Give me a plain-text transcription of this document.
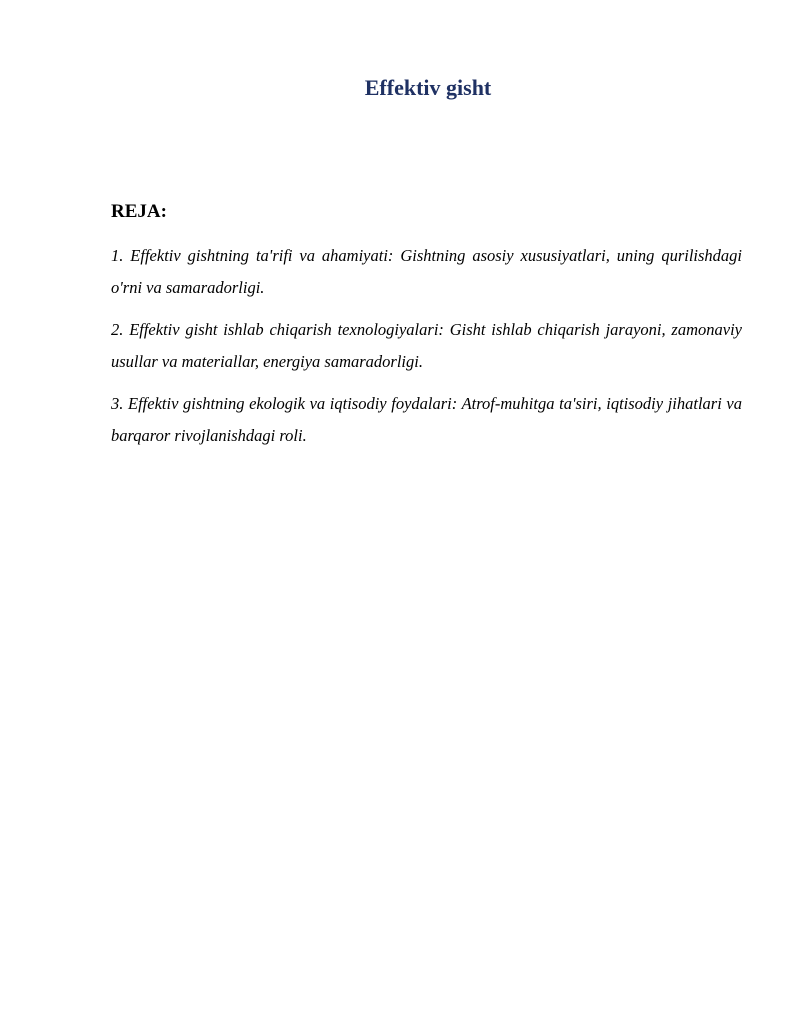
Effektiv gisht
REJA:
1. Effektiv gishtning ta'rifi va ahamiyati: Gishtning asosiy xususiyatlari, uning qurilishdagi o'rni va samaradorligi.
2. Effektiv gisht ishlab chiqarish texnologiyalari: Gisht ishlab chiqarish jarayoni, zamonaviy usullar va materiallar, energiya samaradorligi.
3. Effektiv gishtning ekologik va iqtisodiy foydalari: Atrof-muhitga ta'siri, iqtisodiy jihatlari va barqaror rivojlanishdagi roli.
